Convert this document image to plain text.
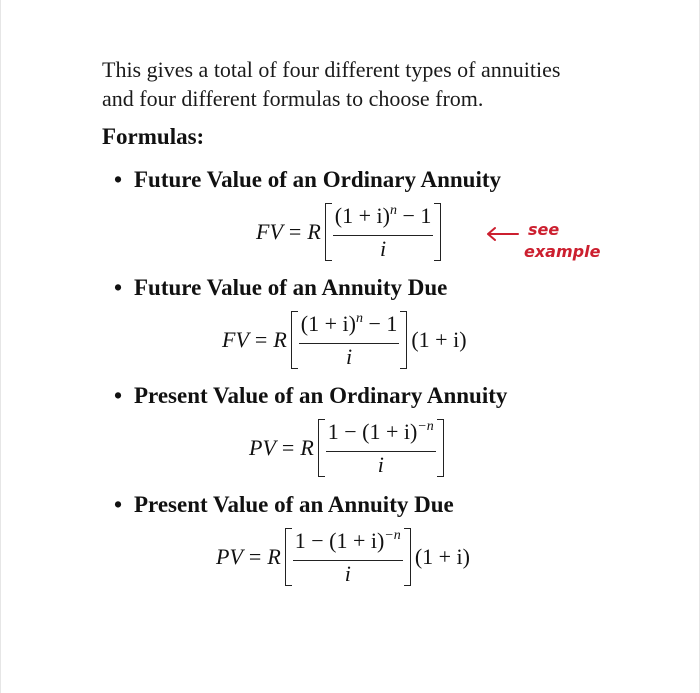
This gives a total of four different types of annuities
and four different formulas to choose from.
Formulas:
• Future Value of an Ordinary Annuity
FV = R $\frac{(1 + i)^n - 1}{i}$
• Future Value of an Annuity Due
FV = R $\frac{(1 + i)^n - 1}{i} (1 + i)$
• Present Value of an Ordinary Annuity
PV = R $\frac{1 - (1 + i)^{-n}}{i}$
• Present Value of an Annuity Due
PV = R $\frac{1 - (1 + i)^{-n}}{i} (1 + i)$
see
example
